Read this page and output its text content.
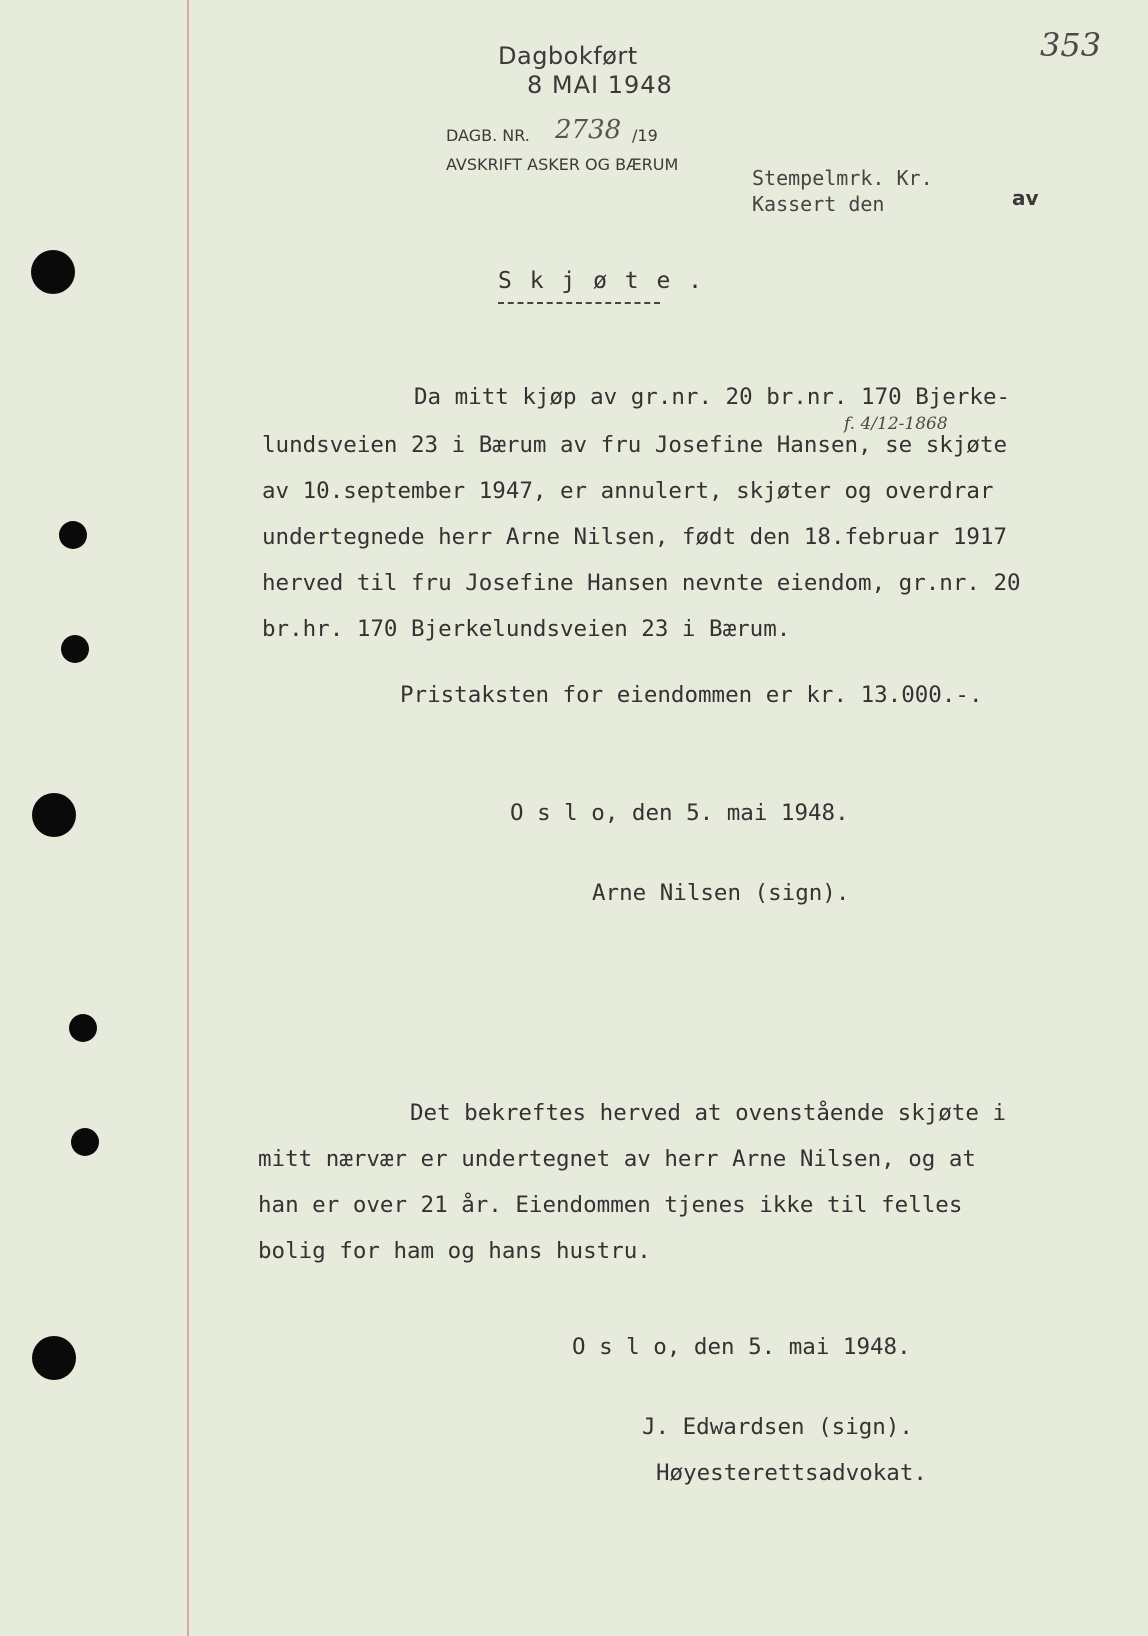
353
Dagbokført
8 MAI 1948
DAGB. NR. 2738 /19
AVSKRIFT ASKER OG BÆRUM
Stempelmrk. Kr.
Kassert den	av
S k j ø t e .
f. 4/12-1868
Da mitt kjøp av gr.nr. 20 br.nr. 170 Bjerke-
lundsveien 23 i Bærum av fru Josefine Hansen, se skjøte
av 10.september 1947, er annulert, skjøter og overdrar
undertegnede herr Arne Nilsen, født den 18.februar 1917
herved til fru Josefine Hansen nevnte eiendom, gr.nr. 20
br.hr. 170 Bjerkelundsveien 23 i Bærum.
Pristaksten for eiendommen er kr. 13.000.-.
O s l o, den 5. mai 1948.
Arne Nilsen (sign).
Det bekreftes herved at ovenstående skjøte i
mitt nærvær er undertegnet av herr Arne Nilsen, og at
han er over 21 år. Eiendommen tjenes ikke til felles
bolig for ham og hans hustru.
O s l o, den 5. mai 1948.
J. Edwardsen (sign).
Høyesterettsadvokat.
